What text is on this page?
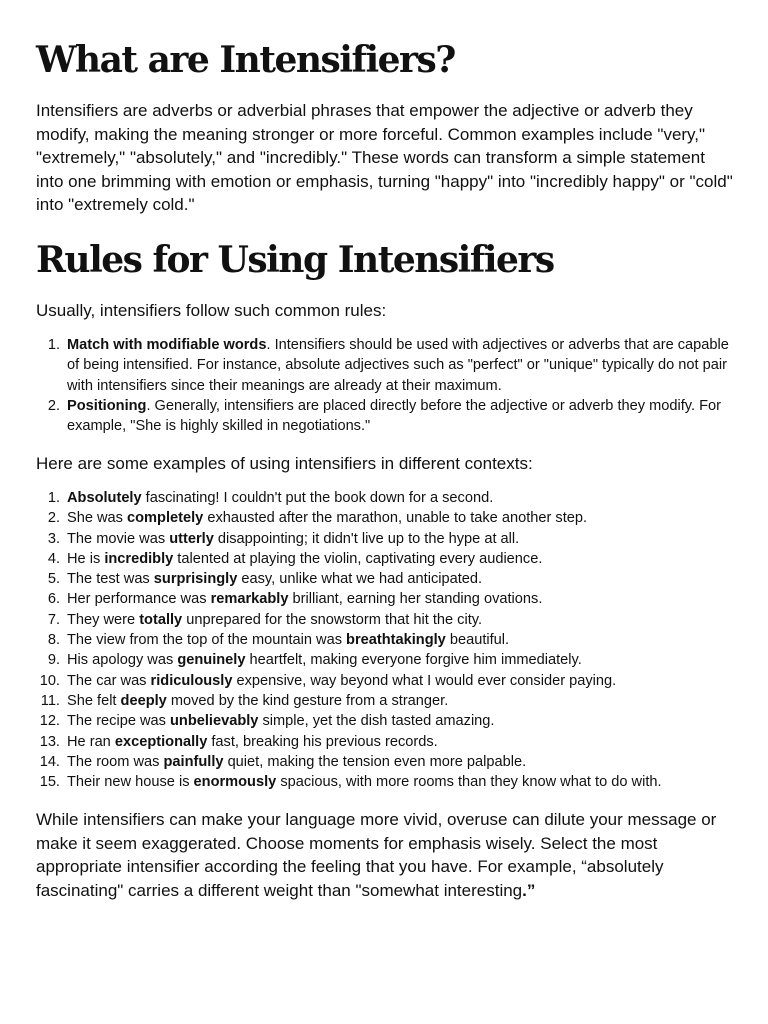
What are Intensifiers?

Intensifiers are adverbs or adverbial phrases that empower the adjective or adverb they modify, making the meaning stronger or more forceful. Common examples include "very," "extremely," "absolutely," and "incredibly." These words can transform a simple statement into one brimming with emotion or emphasis, turning "happy" into "incredibly happy" or "cold" into "extremely cold."

Rules for Using Intensifiers

Usually, intensifiers follow such common rules:

1. Match with modifiable words. Intensifiers should be used with adjectives or adverbs that are capable of being intensified. For instance, absolute adjectives such as "perfect" or "unique" typically do not pair with intensifiers since their meanings are already at their maximum.
2. Positioning. Generally, intensifiers are placed directly before the adjective or adverb they modify. For example, "She is highly skilled in negotiations."

Here are some examples of using intensifiers in different contexts:

1. Absolutely fascinating! I couldn't put the book down for a second.
2. She was completely exhausted after the marathon, unable to take another step.
3. The movie was utterly disappointing; it didn't live up to the hype at all.
4. He is incredibly talented at playing the violin, captivating every audience.
5. The test was surprisingly easy, unlike what we had anticipated.
6. Her performance was remarkably brilliant, earning her standing ovations.
7. They were totally unprepared for the snowstorm that hit the city.
8. The view from the top of the mountain was breathtakingly beautiful.
9. His apology was genuinely heartfelt, making everyone forgive him immediately.
10. The car was ridiculously expensive, way beyond what I would ever consider paying.
11. She felt deeply moved by the kind gesture from a stranger.
12. The recipe was unbelievably simple, yet the dish tasted amazing.
13. He ran exceptionally fast, breaking his previous records.
14. The room was painfully quiet, making the tension even more palpable.
15. Their new house is enormously spacious, with more rooms than they know what to do with.

While intensifiers can make your language more vivid, overuse can dilute your message or make it seem exaggerated. Choose moments for emphasis wisely. Select the most appropriate intensifier according the feeling that you have. For example, “absolutely fascinating" carries a different weight than "somewhat interesting.”
